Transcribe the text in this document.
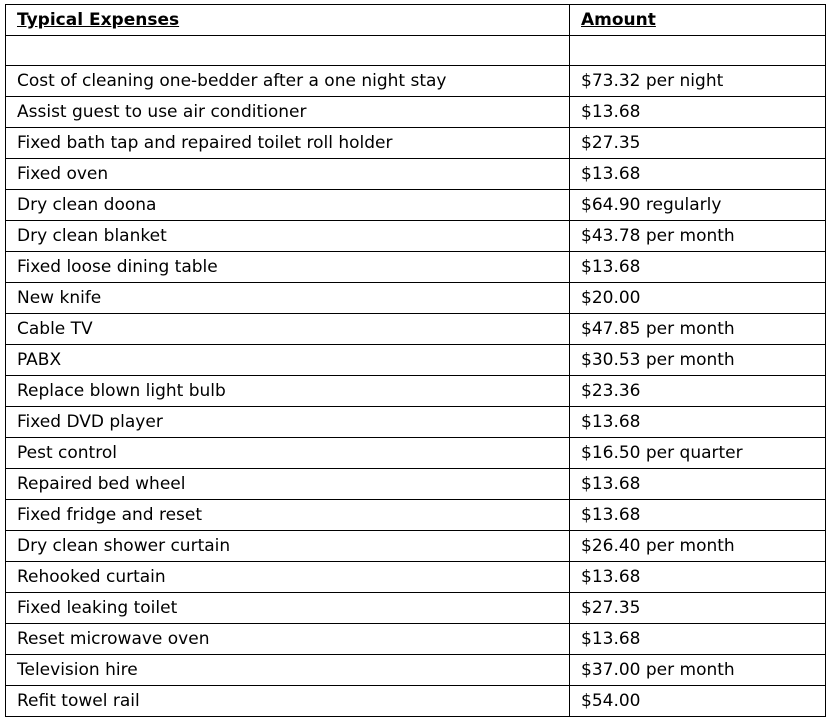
Typical Expenses	Amount

Cost of cleaning one-bedder after a one night stay	$73.32 per night
Assist guest to use air conditioner	$13.68
Fixed bath tap and repaired toilet roll holder	$27.35
Fixed oven	$13.68
Dry clean doona	$64.90 regularly
Dry clean blanket	$43.78 per month
Fixed loose dining table	$13.68
New knife	$20.00
Cable TV	$47.85 per month
PABX	$30.53 per month
Replace blown light bulb	$23.36
Fixed DVD player	$13.68
Pest control	$16.50 per quarter
Repaired bed wheel	$13.68
Fixed fridge and reset	$13.68
Dry clean shower curtain	$26.40 per month
Rehooked curtain	$13.68
Fixed leaking toilet	$27.35
Reset microwave oven	$13.68
Television hire	$37.00 per month
Refit towel rail	$54.00
